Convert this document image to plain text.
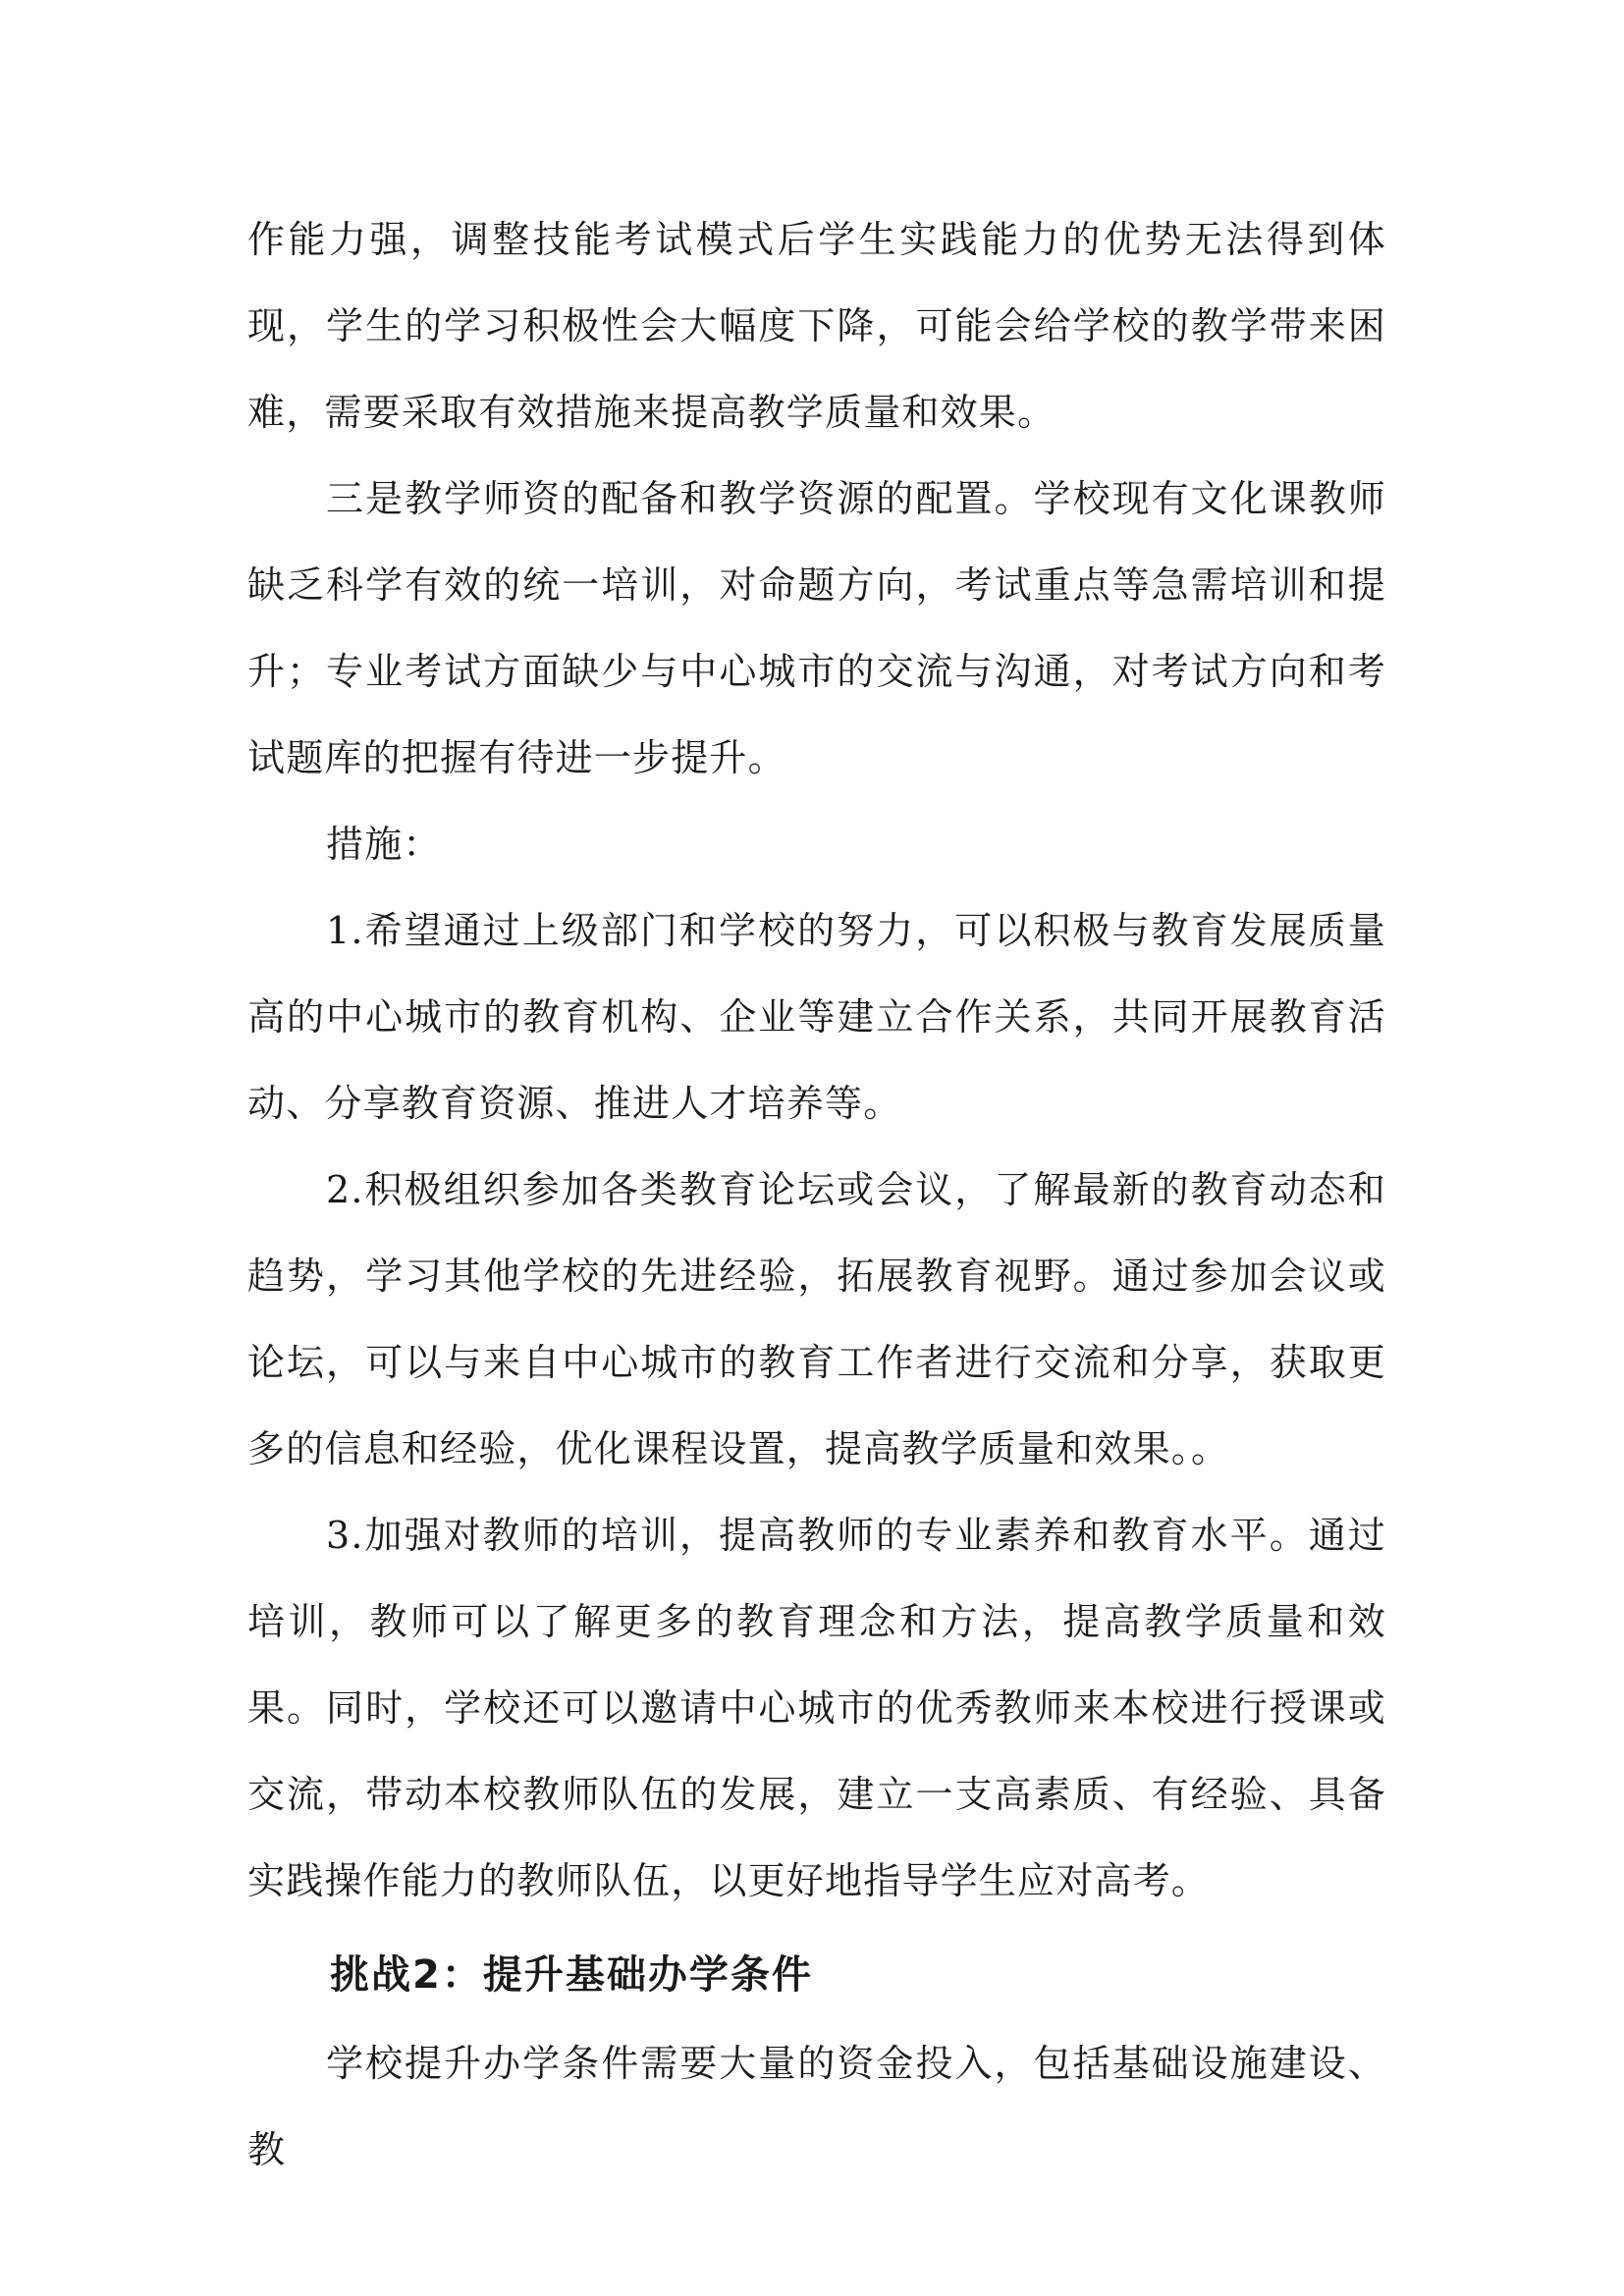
作能力强，调整技能考试模式后学生实践能力的优势无法得到体现，学生的学习积极性会大幅度下降，可能会给学校的教学带来困难，需要采取有效措施来提高教学质量和效果。

三是教学师资的配备和教学资源的配置。学校现有文化课教师缺乏科学有效的统一培训，对命题方向，考试重点等急需培训和提升；专业考试方面缺少与中心城市的交流与沟通，对考试方向和考试题库的把握有待进一步提升。

措施：

1.希望通过上级部门和学校的努力，可以积极与教育发展质量高的中心城市的教育机构、企业等建立合作关系，共同开展教育活动、分享教育资源、推进人才培养等。

2.积极组织参加各类教育论坛或会议，了解最新的教育动态和趋势，学习其他学校的先进经验，拓展教育视野。通过参加会议或论坛，可以与来自中心城市的教育工作者进行交流和分享，获取更多的信息和经验，优化课程设置，提高教学质量和效果。。

3.加强对教师的培训，提高教师的专业素养和教育水平。通过培训，教师可以了解更多的教育理念和方法，提高教学质量和效果。同时，学校还可以邀请中心城市的优秀教师来本校进行授课或交流，带动本校教师队伍的发展，建立一支高素质、有经验、具备实践操作能力的教师队伍，以更好地指导学生应对高考。

挑战2：提升基础办学条件

学校提升办学条件需要大量的资金投入，包括基础设施建设、教
